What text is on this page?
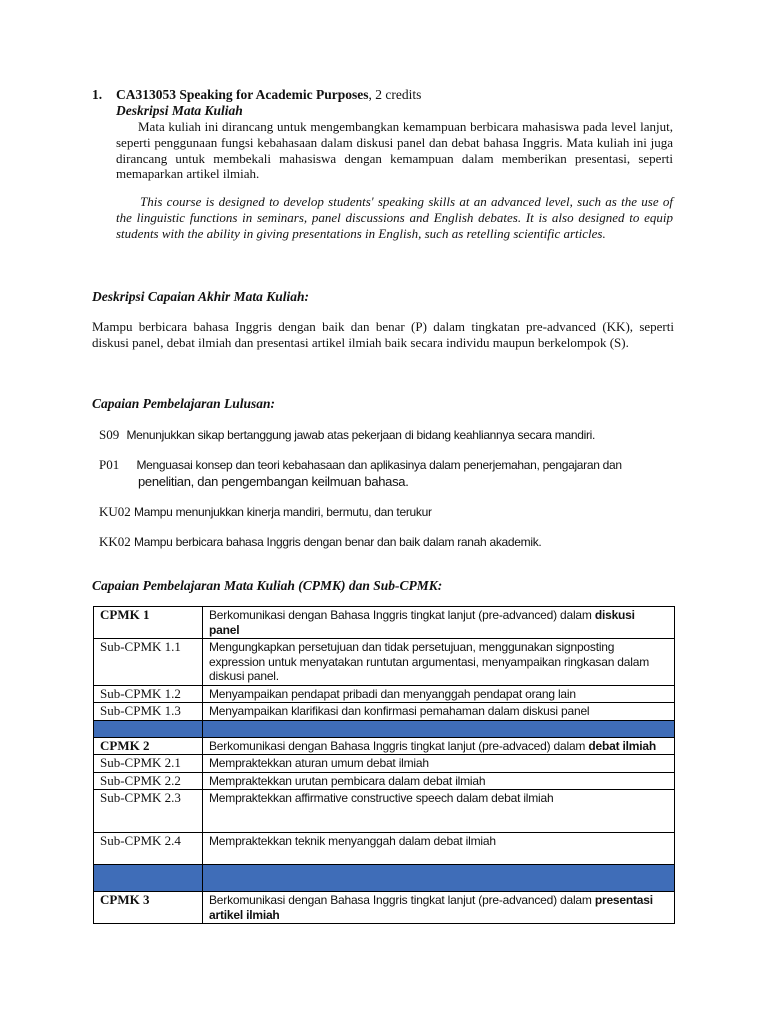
1. CA313053 Speaking for Academic Purposes, 2 credits
Deskripsi Mata Kuliah
Mata kuliah ini dirancang untuk mengembangkan kemampuan berbicara mahasiswa pada level lanjut, seperti penggunaan fungsi kebahasaan dalam diskusi panel dan debat bahasa Inggris. Mata kuliah ini juga dirancang untuk membekali mahasiswa dengan kemampuan dalam memberikan presentasi, seperti memaparkan artikel ilmiah.
This course is designed to develop students' speaking skills at an advanced level, such as the use of the linguistic functions in seminars, panel discussions and English debates. It is also designed to equip students with the ability in giving presentations in English, such as retelling scientific articles.
Deskripsi Capaian Akhir Mata Kuliah:
Mampu berbicara bahasa Inggris dengan baik dan benar (P) dalam tingkatan pre-advanced (KK), seperti diskusi panel, debat ilmiah dan presentasi artikel ilmiah baik secara individu maupun berkelompok (S).
Capaian Pembelajaran Lulusan:
S09 Menunjukkan sikap bertanggung jawab atas pekerjaan di bidang keahliannya secara mandiri.
P01 Menguasai konsep dan teori kebahasaan dan aplikasinya dalam penerjemahan, pengajaran dan
penelitian, dan pengembangan keilmuan bahasa.
KU02 Mampu menunjukkan kinerja mandiri, bermutu, dan terukur
KK02 Mampu berbicara bahasa Inggris dengan benar dan baik dalam ranah akademik.
Capaian Pembelajaran Mata Kuliah (CPMK) dan Sub-CPMK:
CPMK 1	Berkomunikasi dengan Bahasa Inggris tingkat lanjut (pre-advanced) dalam diskusi panel
Sub-CPMK 1.1	Mengungkapkan persetujuan dan tidak persetujuan, menggunakan signposting expression untuk menyatakan runtutan argumentasi, menyampaikan ringkasan dalam diskusi panel.
Sub-CPMK 1.2	Menyampaikan pendapat pribadi dan menyanggah pendapat orang lain
Sub-CPMK 1.3	Menyampaikan klarifikasi dan konfirmasi pemahaman dalam diskusi panel

CPMK 2	Berkomunikasi dengan Bahasa Inggris tingkat lanjut (pre-advaced) dalam debat ilmiah
Sub-CPMK 2.1	Mempraktekkan aturan umum debat ilmiah
Sub-CPMK 2.2	Mempraktekkan urutan pembicara dalam debat ilmiah
Sub-CPMK 2.3	Mempraktekkan affirmative constructive speech dalam debat ilmiah
Sub-CPMK 2.4	Mempraktekkan teknik menyanggah dalam debat ilmiah

CPMK 3	Berkomunikasi dengan Bahasa Inggris tingkat lanjut (pre-advanced) dalam presentasi artikel ilmiah
